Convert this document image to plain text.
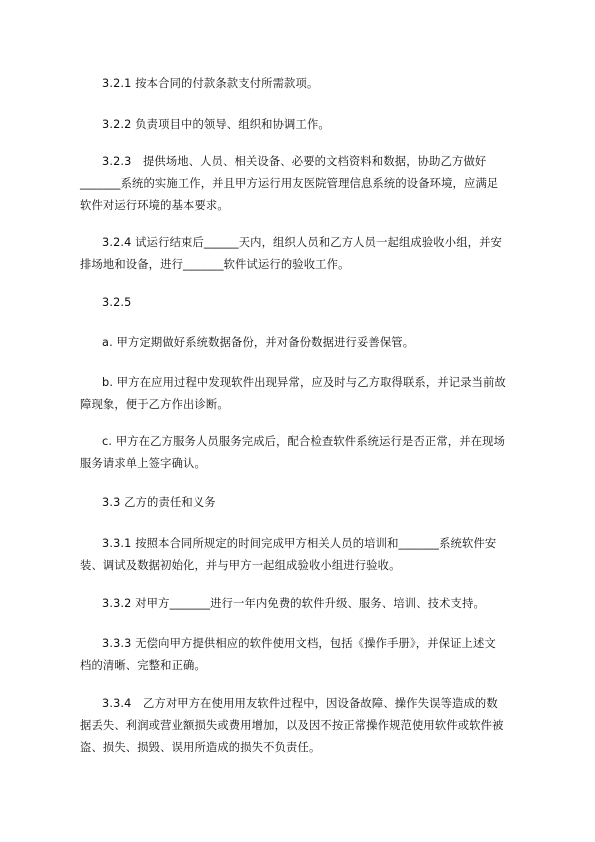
3.2.1 按本合同的付款条款支付所需款项。

3.2.2 负责项目中的领导、组织和协调工作。

3.2.3　提供场地、人员、相关设备、必要的文档资料和数据，协助乙方做好

_______系统的实施工作，并且甲方运行用友医院管理信息系统的设备环境，应满足
软件对运行环境的基本要求。

3.2.4 试运行结束后______天内，组织人员和乙方人员一起组成验收小组，并安

排场地和设备，进行_______软件试运行的验收工作。

3.2.5

a. 甲方定期做好系统数据备份，并对备份数据进行妥善保管。

b. 甲方在应用过程中发现软件出现异常，应及时与乙方取得联系，并记录当前故

障现象，便于乙方作出诊断。

c. 甲方在乙方服务人员服务完成后，配合检查软件系统运行是否正常，并在现场

服务请求单上签字确认。

3.3 乙方的责任和义务

3.3.1 按照本合同所规定的时间完成甲方相关人员的培训和_______系统软件安

装、调试及数据初始化，并与甲方一起组成验收小组进行验收。

3.3.2 对甲方_______进行一年内免费的软件升级、服务、培训、技术支持。

3.3.3 无偿向甲方提供相应的软件使用文档，包括《操作手册》，并保证上述文

档的清晰、完整和正确。

3.3.4　乙方对甲方在使用用友软件过程中，因设备故障、操作失误等造成的数

据丢失、利润或营业额损失或费用增加，以及因不按正常操作规范使用软件或软件被
盗、损失、损毁、误用所造成的损失不负责任。
